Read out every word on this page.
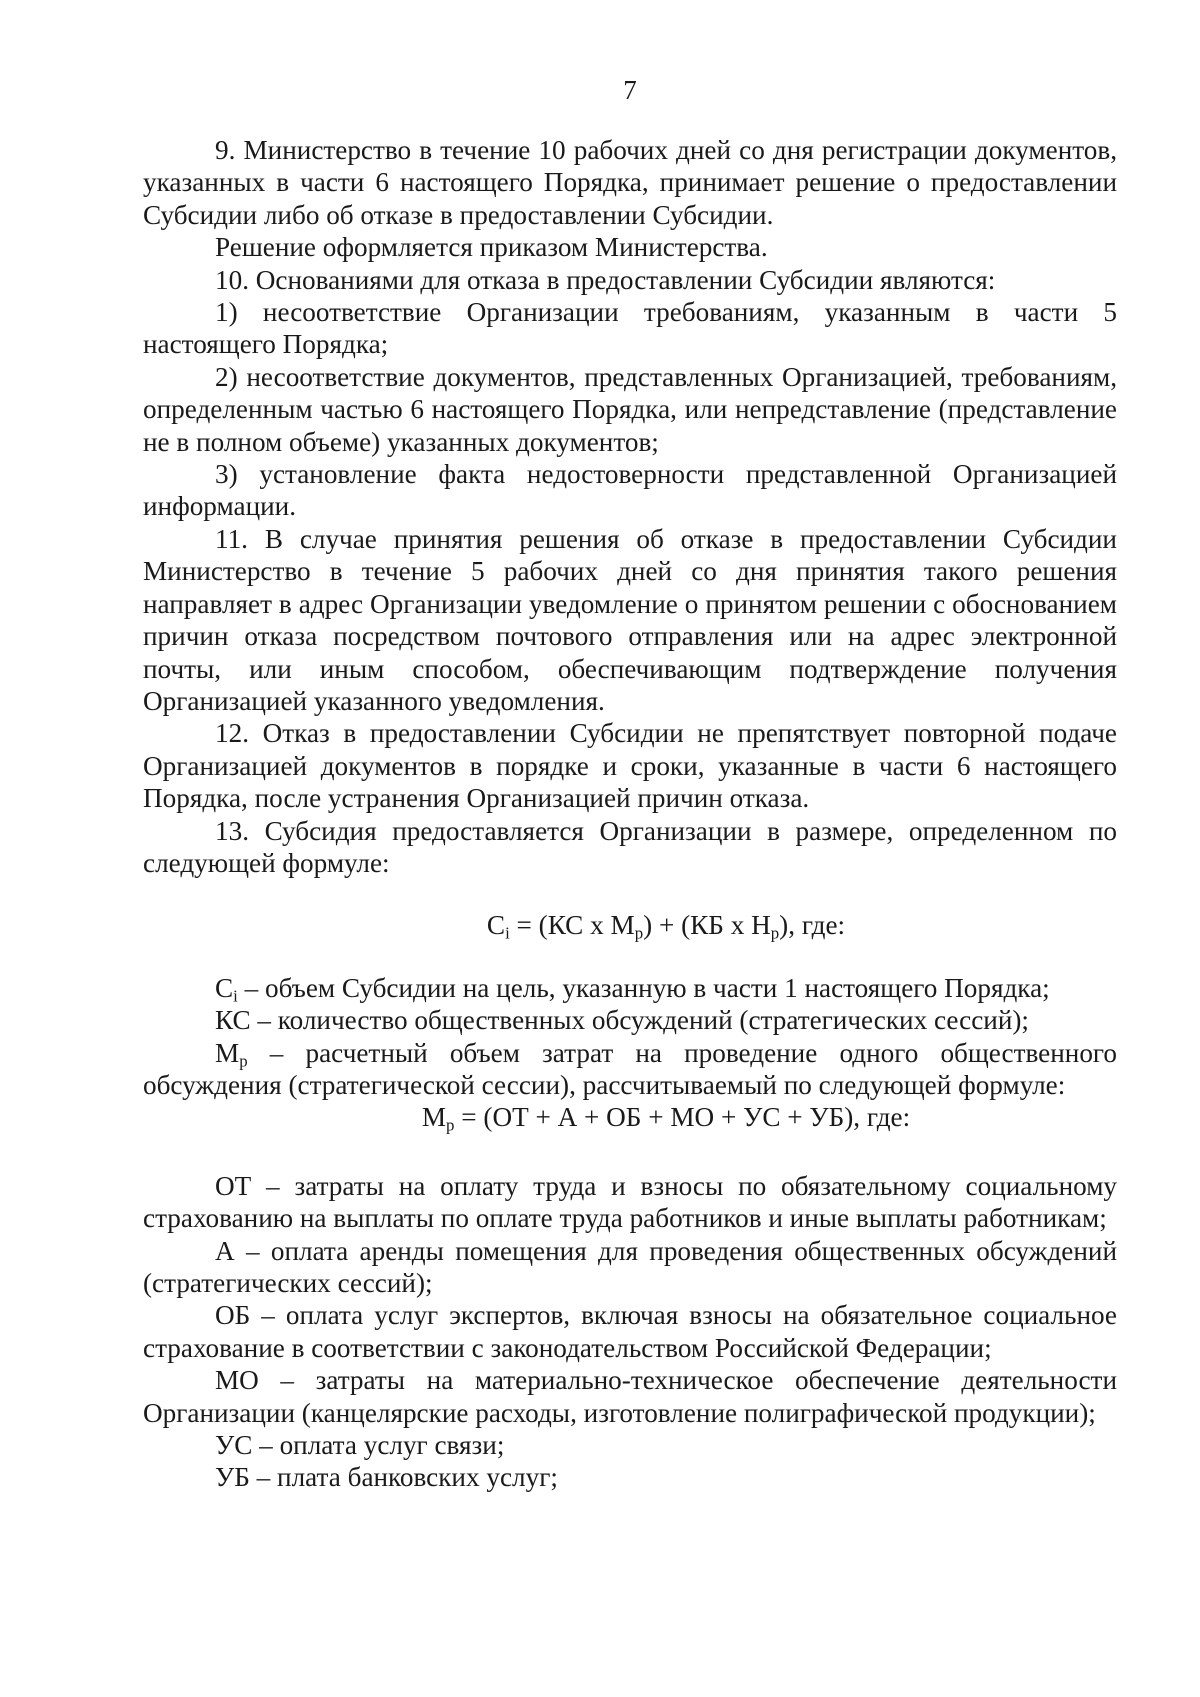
7

9. Министерство в течение 10 рабочих дней со дня регистрации документов, указанных в части 6 настоящего Порядка, принимает решение о предоставлении Субсидии либо об отказе в предоставлении Субсидии.

Решение оформляется приказом Министерства.

10. Основаниями для отказа в предоставлении Субсидии являются:

1) несоответствие Организации требованиям, указанным в части 5 настоящего Порядка;

2) несоответствие документов, представленных Организацией, требованиям, определенным частью 6 настоящего Порядка, или непредставление (представление не в полном объеме) указанных документов;

3) установление факта недостоверности представленной Организацией информации.

11. В случае принятия решения об отказе в предоставлении Субсидии Министерство в течение 5 рабочих дней со дня принятия такого решения направляет в адрес Организации уведомление о принятом решении с обоснованием причин отказа посредством почтового отправления или на адрес электронной почты, или иным способом, обеспечивающим подтверждение получения Организацией указанного уведомления.

12. Отказ в предоставлении Субсидии не препятствует повторной подаче Организацией документов в порядке и сроки, указанные в части 6 настоящего Порядка, после устранения Организацией причин отказа.

13. Субсидия предоставляется Организации в размере, определенном по следующей формуле:

$C_i = (КС$ х $М_р) + (КБ$ х $Н_р$), где:

$C_i$ – объем Субсидии на цель, указанную в части 1 настоящего Порядка;

КС – количество общественных обсуждений (стратегических сессий);

$М_р$ – расчетный объем затрат на проведение одного общественного обсуждения (стратегической сессии), рассчитываемый по следующей формуле:

$М_р = (ОТ + А$ + ОБ + МО + УС + УБ), где:

ОТ – затраты на оплату труда и взносы по обязательному социальному страхованию на выплаты по оплате труда работников и иные выплаты работникам;

А – оплата аренды помещения для проведения общественных обсуждений (стратегических сессий);

ОБ – оплата услуг экспертов, включая взносы на обязательное социальное страхование в соответствии с законодательством Российской Федерации;

МО – затраты на материально-техническое обеспечение деятельности Организации (канцелярские расходы, изготовление полиграфической продукции);

УС – оплата услуг связи;

УБ – плата банковских услуг;
